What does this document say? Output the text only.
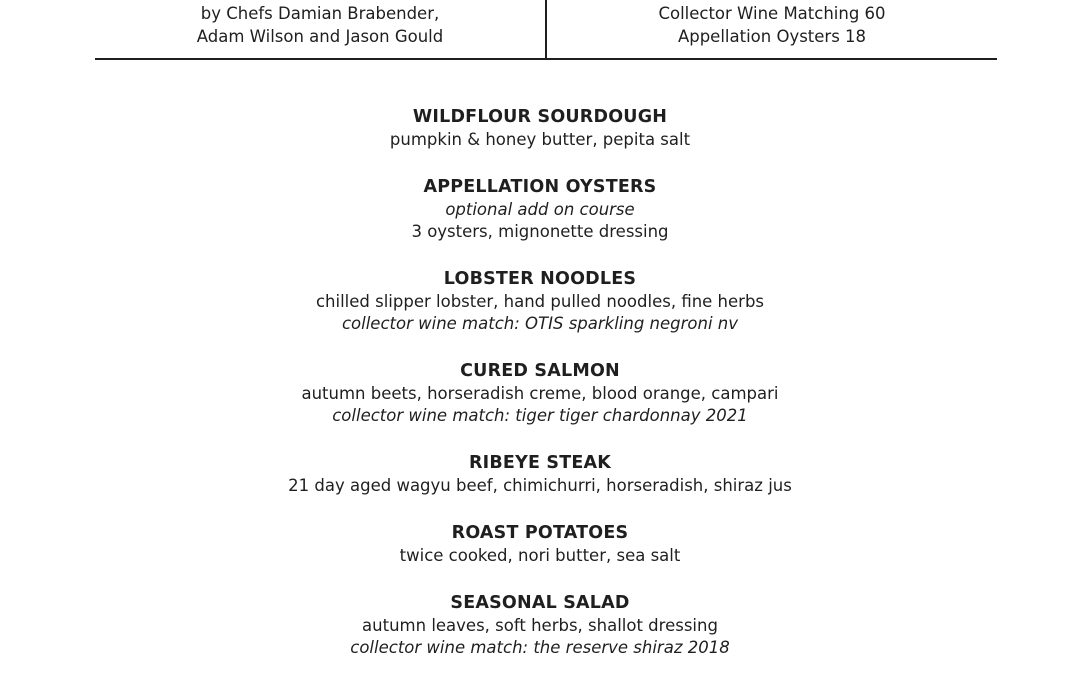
by Chefs Damian Brabender,
Adam Wilson and Jason Gould
Collector Wine Matching 60
Appellation Oysters 18
WILDFLOUR SOURDOUGH
pumpkin & honey butter, pepita salt
APPELLATION OYSTERS
optional add on course
3 oysters, mignonette dressing
LOBSTER NOODLES
chilled slipper lobster, hand pulled noodles, fine herbs
collector wine match: OTIS sparkling negroni nv
CURED SALMON
autumn beets, horseradish creme, blood orange, campari
collector wine match: tiger tiger chardonnay 2021
RIBEYE STEAK
21 day aged wagyu beef, chimichurri, horseradish, shiraz jus
ROAST POTATOES
twice cooked, nori butter, sea salt
SEASONAL SALAD
autumn leaves, soft herbs, shallot dressing
collector wine match: the reserve shiraz 2018
